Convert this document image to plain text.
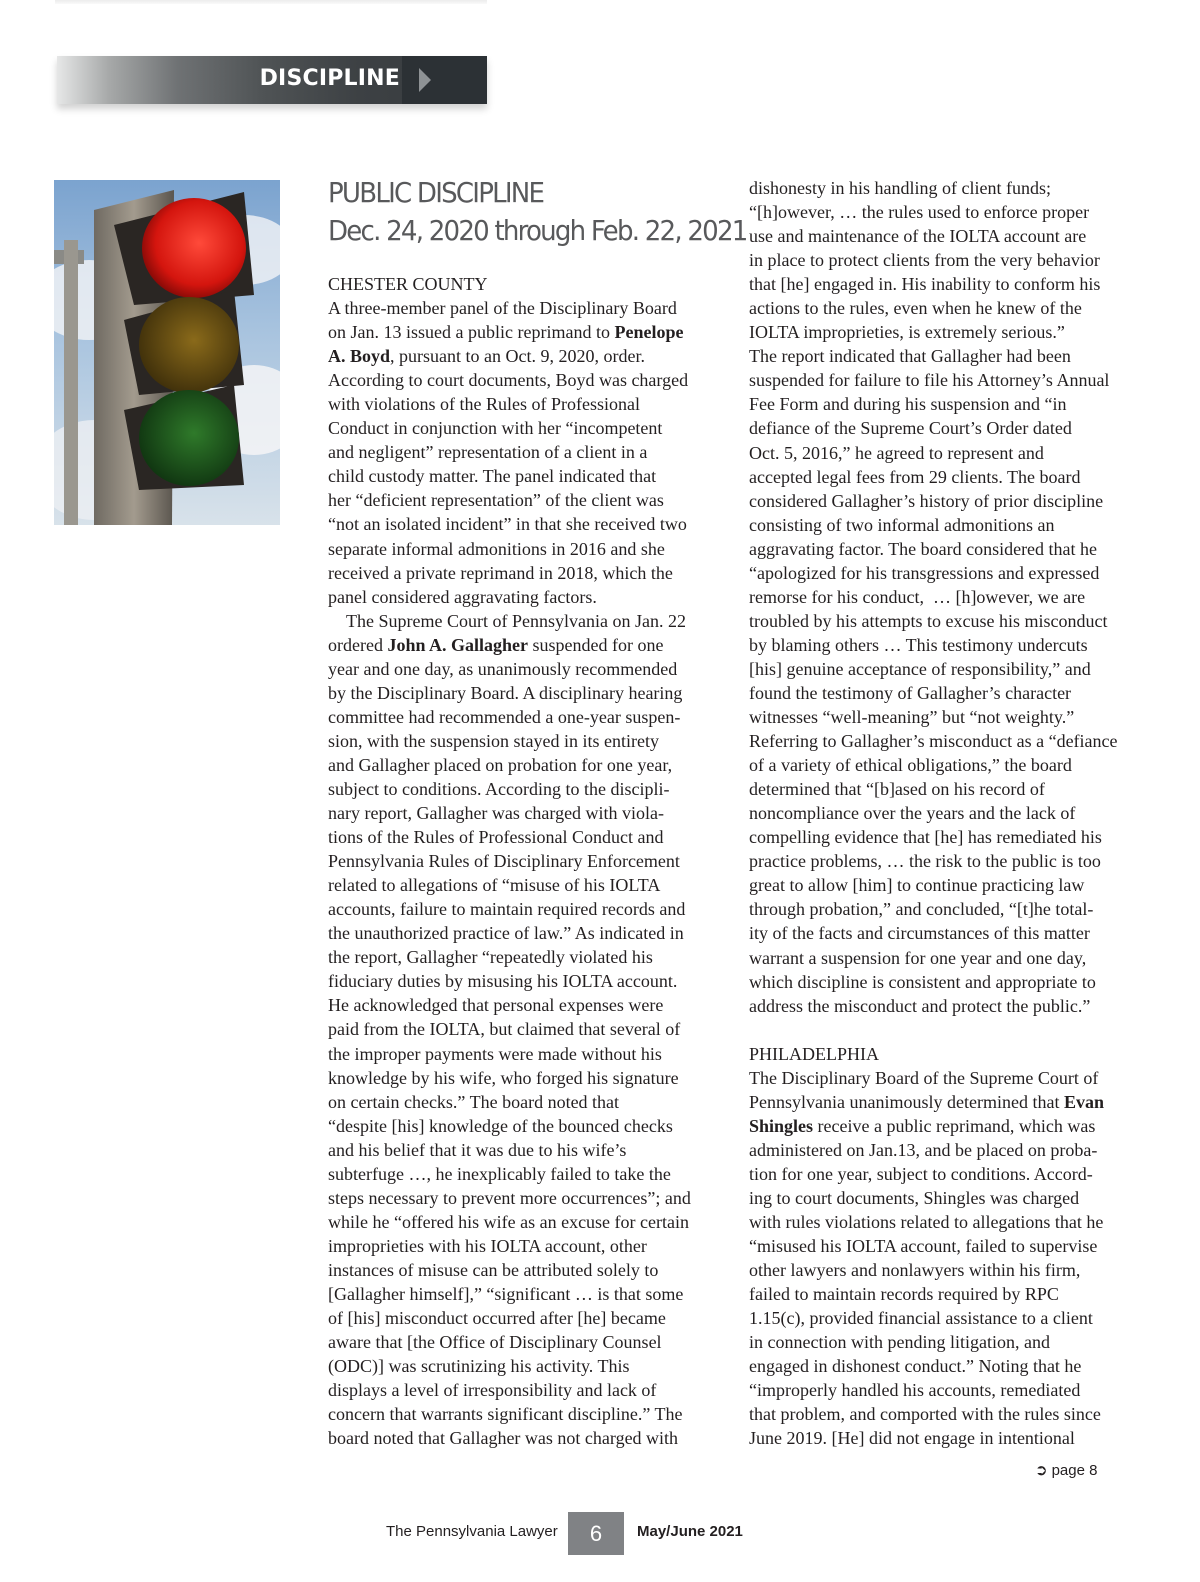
DISCIPLINE
PUBLIC DISCIPLINE
Dec. 24, 2020 through Feb. 22, 2021
CHESTER COUNTY

A three-member panel of the Disciplinary Board
on Jan. 13 issued a public reprimand to Penelope
A. Boyd, pursuant to an Oct. 9, 2020, order.
According to court documents, Boyd was charged
with violations of the Rules of Professional
Conduct in conjunction with her “incompetent
and negligent” representation of a client in a
child custody matter. The panel indicated that
her “deficient representation” of the client was
“not an isolated incident” in that she received two
separate informal admonitions in 2016 and she
received a private reprimand in 2018, which the
panel considered aggravating factors.

 The Supreme Court of Pennsylvania on Jan. 22
ordered John A. Gallagher suspended for one
year and one day, as unanimously recommended
by the Disciplinary Board. A disciplinary hearing
committee had recommended a one-year suspen-
sion, with the suspension stayed in its entirety
and Gallagher placed on probation for one year,
subject to conditions. According to the discipli-
nary report, Gallagher was charged with viola-
tions of the Rules of Professional Conduct and
Pennsylvania Rules of Disciplinary Enforcement
related to allegations of “misuse of his IOLTA
accounts, failure to maintain required records and
the unauthorized practice of law.” As indicated in
the report, Gallagher “repeatedly violated his
fiduciary duties by misusing his IOLTA account.
He acknowledged that personal expenses were
paid from the IOLTA, but claimed that several of
the improper payments were made without his
knowledge by his wife, who forged his signature
on certain checks.” The board noted that
“despite [his] knowledge of the bounced checks
and his belief that it was due to his wife’s
subterfuge …, he inexplicably failed to take the
steps necessary to prevent more occurrences”; and
while he “offered his wife as an excuse for certain
improprieties with his IOLTA account, other
instances of misuse can be attributed solely to
[Gallagher himself],” “significant … is that some
of [his] misconduct occurred after [he] became
aware that [the Office of Disciplinary Counsel
(ODC)] was scrutinizing his activity. This
displays a level of irresponsibility and lack of
concern that warrants significant discipline.” The
board noted that Gallagher was not charged with

dishonesty in his handling of client funds;
“[h]owever, … the rules used to enforce proper
use and maintenance of the IOLTA account are
in place to protect clients from the very behavior
that [he] engaged in. His inability to conform his
actions to the rules, even when he knew of the
IOLTA improprieties, is extremely serious.”
The report indicated that Gallagher had been
suspended for failure to file his Attorney’s Annual
Fee Form and during his suspension and “in
defiance of the Supreme Court’s Order dated
Oct. 5, 2016,” he agreed to represent and
accepted legal fees from 29 clients. The board
considered Gallagher’s history of prior discipline
consisting of two informal admonitions an
aggravating factor. The board considered that he
“apologized for his transgressions and expressed
remorse for his conduct, … [h]owever, we are
troubled by his attempts to excuse his misconduct
by blaming others … This testimony undercuts
[his] genuine acceptance of responsibility,” and
found the testimony of Gallagher’s character
witnesses “well-meaning” but “not weighty.”
Referring to Gallagher’s misconduct as a “defiance
of a variety of ethical obligations,” the board
determined that “[b]ased on his record of
noncompliance over the years and the lack of
compelling evidence that [he] has remediated his
practice problems, … the risk to the public is too
great to allow [him] to continue practicing law
through probation,” and concluded, “[t]he total-
ity of the facts and circumstances of this matter
warrant a suspension for one year and one day,
which discipline is consistent and appropriate to
address the misconduct and protect the public.”

PHILADELPHIA

The Disciplinary Board of the Supreme Court of
Pennsylvania unanimously determined that Evan
Shingles receive a public reprimand, which was
administered on Jan.13, and be placed on proba-
tion for one year, subject to conditions. Accord-
ing to court documents, Shingles was charged
with rules violations related to allegations that he
“misused his IOLTA account, failed to supervise
other lawyers and nonlawyers within his firm,
failed to maintain records required by RPC
1.15(c), provided financial assistance to a client
in connection with pending litigation, and
engaged in dishonest conduct.” Noting that he
“improperly handled his accounts, remediated
that problem, and comported with the rules since
June 2019. [He] did not engage in intentional

➲ page 8
The Pennsylvania Lawyer	6	May/June 2021
